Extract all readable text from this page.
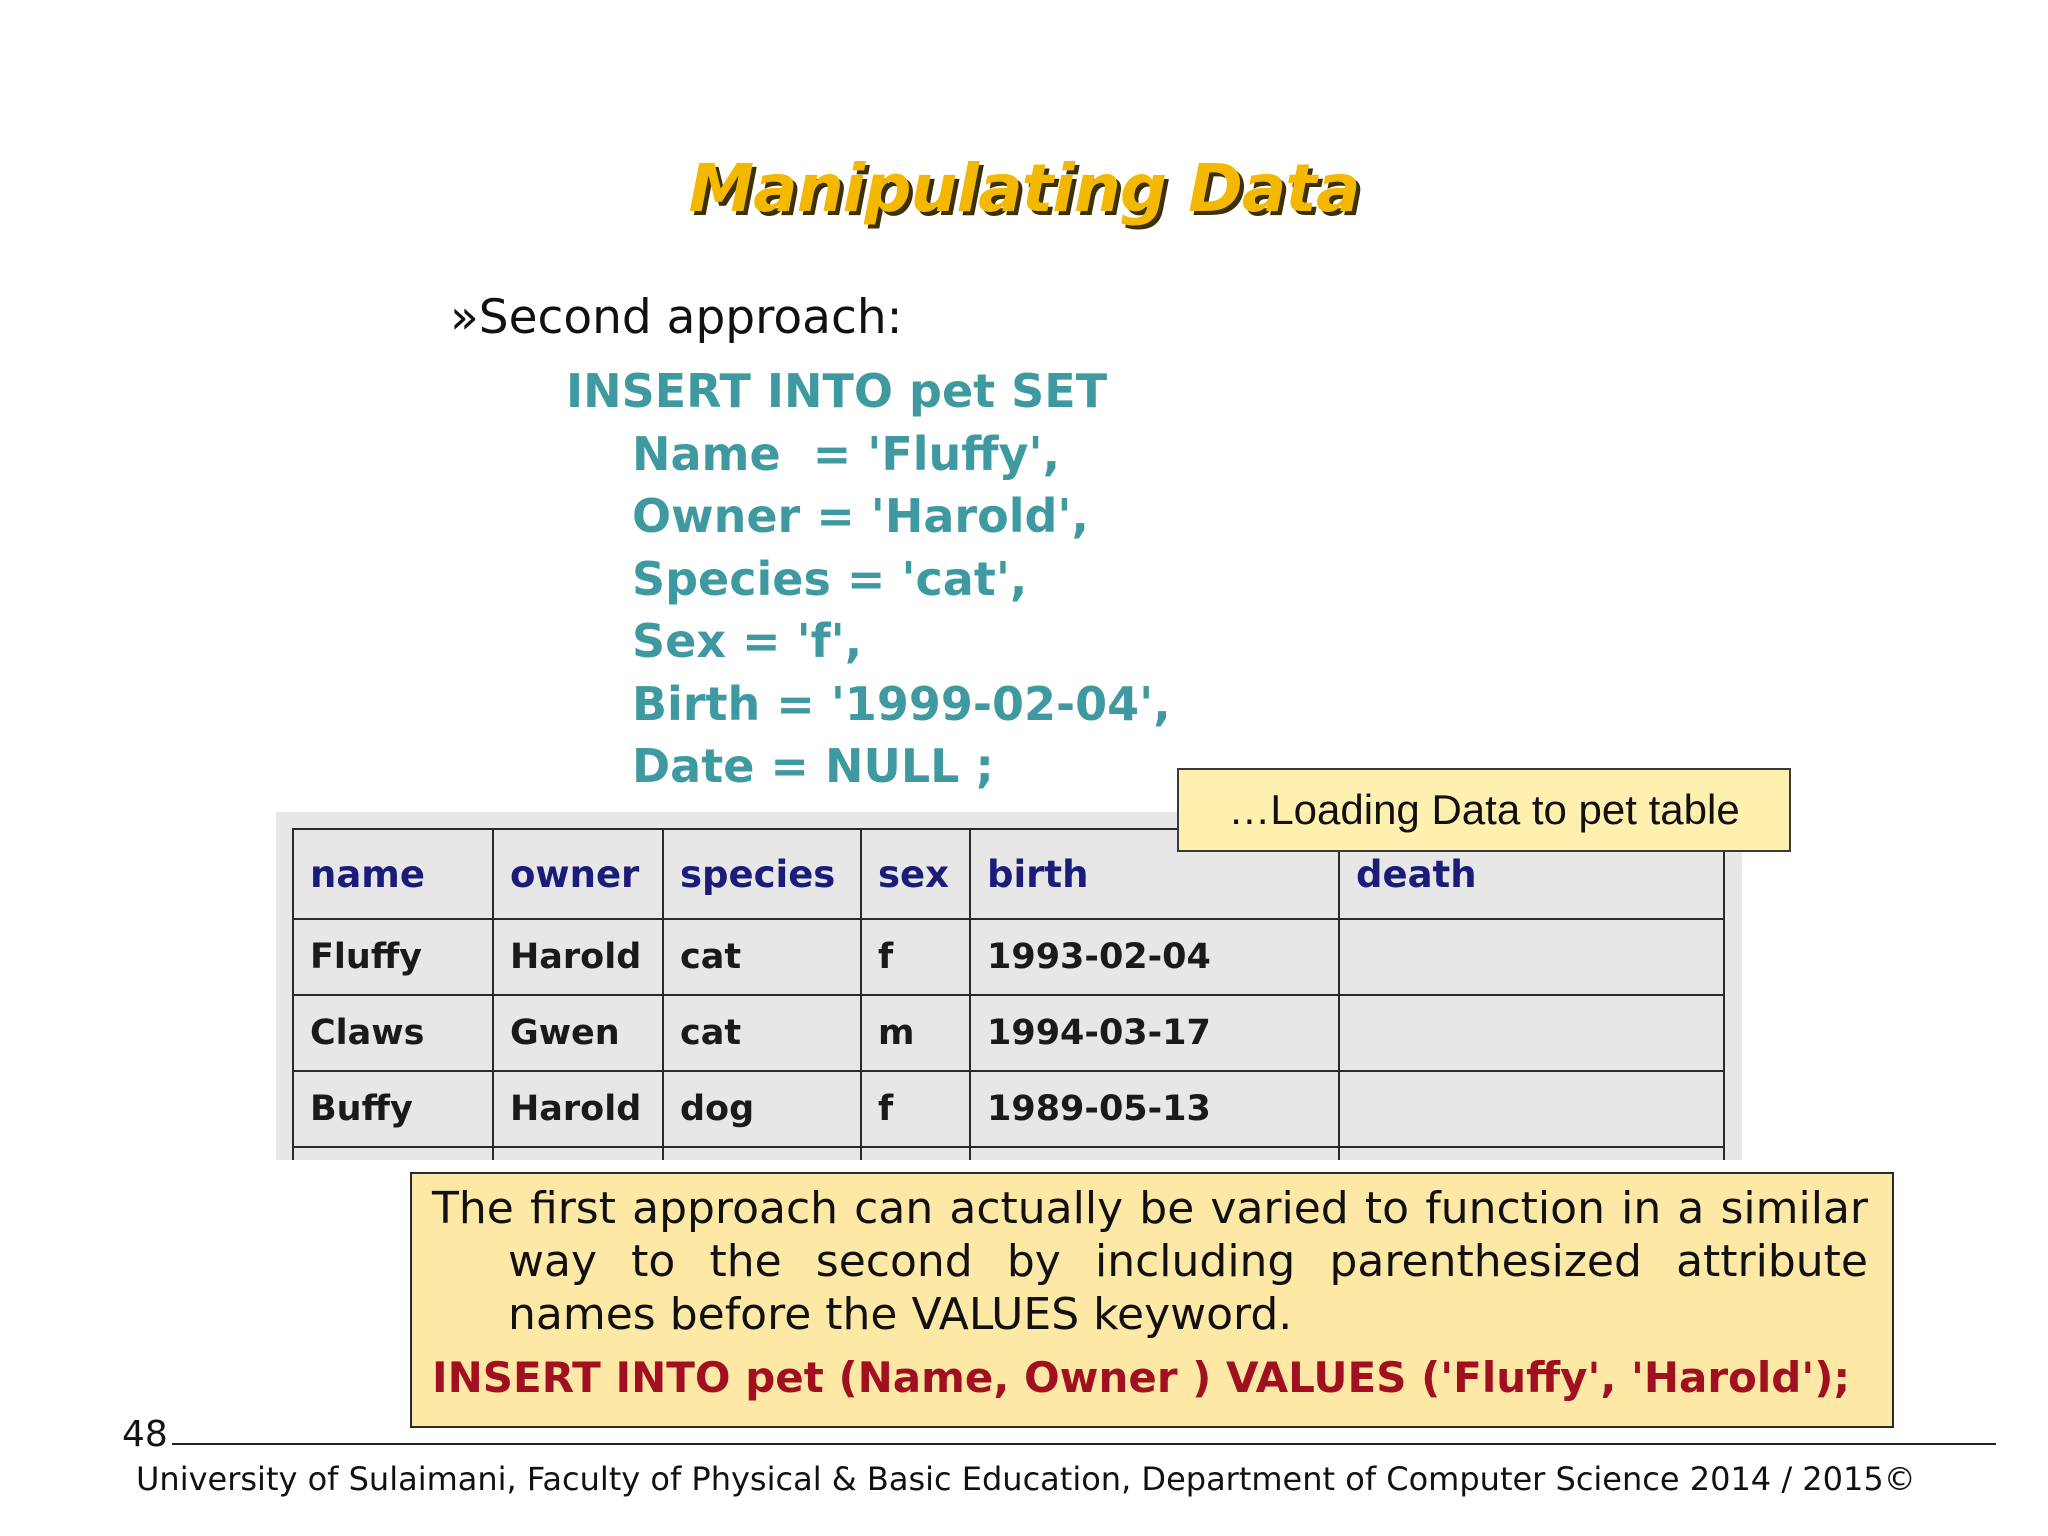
Manipulating Data
»Second approach:
INSERT INTO pet SET
Name  = 'Fluffy',
Owner = 'Harold',
Species = 'cat',
Sex = 'f',
Birth = '1999-02-04',
Date = NULL ;
name	owner	species	sex	birth	death
Fluffy	Harold	cat	f	1993-02-04	
Claws	Gwen	cat	m	1994-03-17	
Buffy	Harold	dog	f	1989-05-13	

…Loading Data to pet table
The first approach can actually be varied to function in a similar way to the second by including parenthesized attribute names before the VALUES keyword.
INSERT INTO pet (Name, Owner ) VALUES ('Fluffy', 'Harold');
48
University of Sulaimani, Faculty of Physical & Basic Education, Department of Computer Science 2014 / 2015©
